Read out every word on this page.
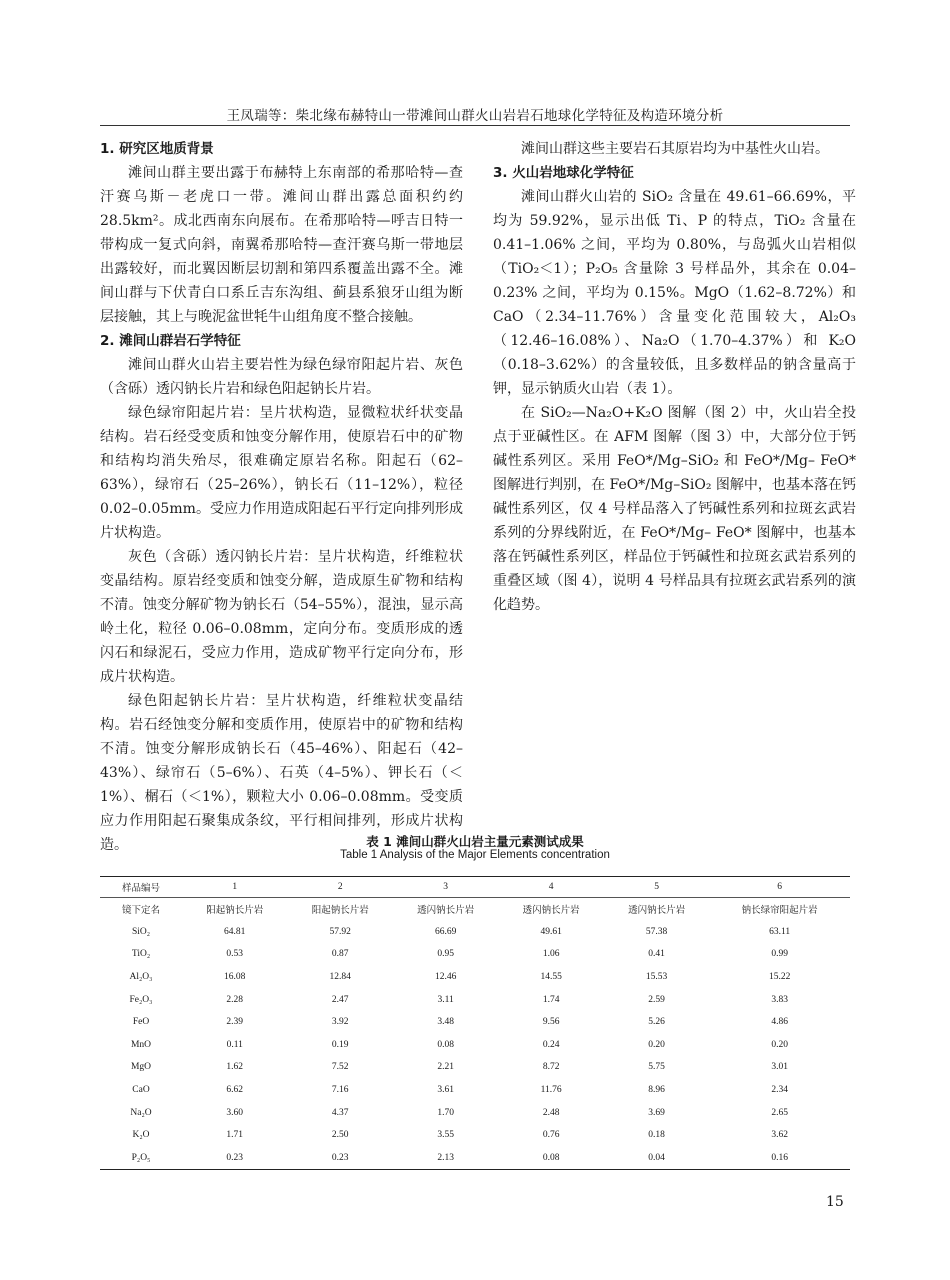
王凤瑞等：柴北缘布赫特山一带滩间山群火山岩岩石地球化学特征及构造环境分析

1. 研究区地质背景

滩间山群主要出露于布赫特上东南部的希那哈特—查汗赛乌斯－老虎口一带。滩间山群出露总面积约约 28.5km²。成北西南东向展布。在希那哈特—呼吉日特一带构成一复式向斜，南翼希那哈特—查汗赛乌斯一带地层出露较好，而北翼因断层切割和第四系覆盖出露不全。滩间山群与下伏青白口系丘吉东沟组、蓟县系狼牙山组为断层接触，其上与晚泥盆世牦牛山组角度不整合接触。

2. 滩间山群岩石学特征

滩间山群火山岩主要岩性为绿色绿帘阳起片岩、灰色（含砾）透闪钠长片岩和绿色阳起钠长片岩。

绿色绿帘阳起片岩：呈片状构造，显微粒状纤状变晶结构。岩石经受变质和蚀变分解作用，使原岩石中的矿物和结构均消失殆尽，很难确定原岩名称。阳起石（62–63%），绿帘石（25–26%），钠长石（11–12%），粒径 0.02–0.05mm。受应力作用造成阳起石平行定向排列形成片状构造。

灰色（含砾）透闪钠长片岩：呈片状构造，纤维粒状变晶结构。原岩经变质和蚀变分解，造成原生矿物和结构不清。蚀变分解矿物为钠长石（54–55%），混浊，显示高岭土化，粒径 0.06–0.08mm，定向分布。变质形成的透闪石和绿泥石，受应力作用，造成矿物平行定向分布，形成片状构造。

绿色阳起钠长片岩：呈片状构造，纤维粒状变晶结构。岩石经蚀变分解和变质作用，使原岩中的矿物和结构不清。蚀变分解形成钠长石（45–46%）、阳起石（42–43%）、绿帘石（5–6%）、石英（4–5%）、钾长石（＜1%）、榍石（＜1%），颗粒大小 0.06–0.08mm。受变质应力作用阳起石聚集成条纹，平行相间排列，形成片状构造。

滩间山群这些主要岩石其原岩均为中基性火山岩。

3. 火山岩地球化学特征

滩间山群火山岩的 SiO₂ 含量在 49.61–66.69%，平均为 59.92%，显示出低 Ti、P 的特点，TiO₂ 含量在 0.41–1.06% 之间，平均为 0.80%，与岛弧火山岩相似（TiO₂＜1）；P₂O₅ 含量除 3 号样品外，其余在 0.04–0.23% 之间，平均为 0.15%。MgO（1.62–8.72%）和 CaO（2.34–11.76%）含量变化范围较大，Al₂O₃（12.46–16.08%）、Na₂O（1.70–4.37%）和 K₂O（0.18–3.62%）的含量较低，且多数样品的钠含量高于钾，显示钠质火山岩（表 1）。

在 SiO₂—Na₂O+K₂O 图解（图 2）中，火山岩全投点于亚碱性区。在 AFM 图解（图 3）中，大部分位于钙碱性系列区。采用 FeO*/Mg–SiO₂ 和 FeO*/Mg– FeO* 图解进行判别，在 FeO*/Mg–SiO₂ 图解中，也基本落在钙碱性系列区，仅 4 号样品落入了钙碱性系列和拉斑玄武岩系列的分界线附近，在 FeO*/Mg– FeO* 图解中，也基本落在钙碱性系列区，样品位于钙碱性和拉斑玄武岩系列的重叠区域（图 4），说明 4 号样品具有拉斑玄武岩系列的演化趋势。

表 1 滩间山群火山岩主量元素测试成果
Table 1 Analysis of the Major Elements concentration
样品编号	1	2	3	4	5	6
镜下定名	阳起钠长片岩	阳起钠长片岩	透闪钠长片岩	透闪钠长片岩	透闪钠长片岩	钠长绿帘阳起片岩
SiO₂	64.81	57.92	66.69	49.61	57.38	63.11
TiO₂	0.53	0.87	0.95	1.06	0.41	0.99
Al₂O₃	16.08	12.84	12.46	14.55	15.53	15.22
Fe₂O₃	2.28	2.47	3.11	1.74	2.59	3.83
FeO	2.39	3.92	3.48	9.56	5.26	4.86
MnO	0.11	0.19	0.08	0.24	0.20	0.20
MgO	1.62	7.52	2.21	8.72	5.75	3.01
CaO	6.62	7.16	3.61	11.76	8.96	2.34
Na₂O	3.60	4.37	1.70	2.48	3.69	2.65
K₂O	1.71	2.50	3.55	0.76	0.18	3.62
P₂O₅	0.23	0.23	2.13	0.08	0.04	0.16
15
